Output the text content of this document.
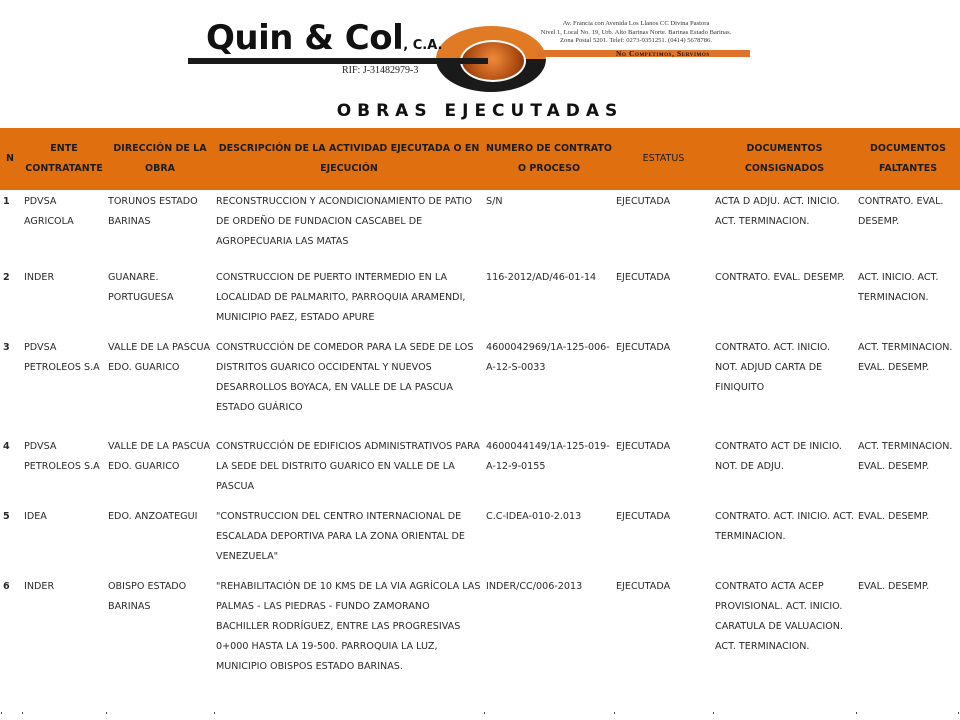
Quin & Col, C.A.
RIF: J-31482979-3
Av. Francia con Avenida Los Llanos CC Divina Pastora
Nivel 1, Local No. 19, Urb. Alto Barinas Norte. Barinas Estado Barinas.
Zona Postal 5201. Telef: 0273-9351251. (0414) 5678786.
No Competimos, Servimos
OBRAS EJECUTADAS
N	ENTE CONTRATANTE	DIRECCIÓN DE LA OBRA	DESCRIPCIÓN DE LA ACTIVIDAD EJECUTADA O EN EJECUCIÓN	NUMERO DE CONTRATO O PROCESO	ESTATUS	DOCUMENTOS CONSIGNADOS	DOCUMENTOS FALTANTES
1	PDVSA AGRICOLA	TORUNOS ESTADO BARINAS	RECONSTRUCCION Y ACONDICIONAMIENTO DE PATIO DE ORDEÑO DE FUNDACION CASCABEL DE AGROPECUARIA LAS MATAS	S/N	EJECUTADA	ACTA D ADJU. ACT. INICIO. ACT. TERMINACION.	CONTRATO. EVAL. DESEMP.
2	INDER	GUANARE. PORTUGUESA	CONSTRUCCION DE PUERTO INTERMEDIO EN LA LOCALIDAD DE PALMARITO, PARROQUIA ARAMENDI, MUNICIPIO PAEZ, ESTADO APURE	116-2012/AD/46-01-14	EJECUTADA	CONTRATO. EVAL. DESEMP.	ACT. INICIO. ACT. TERMINACION.
3	PDVSA PETROLEOS S.A	VALLE DE LA PASCUA EDO. GUARICO	CONSTRUCCIÓN DE COMEDOR PARA LA SEDE DE LOS DISTRITOS GUARICO OCCIDENTAL Y NUEVOS DESARROLLOS BOYACA, EN VALLE DE LA PASCUA ESTADO GUÁRICO	4600042969/1A-125-006-A-12-S-0033	EJECUTADA	CONTRATO. ACT. INICIO. NOT. ADJUD CARTA DE FINIQUITO	ACT. TERMINACION. EVAL. DESEMP.
4	PDVSA PETROLEOS S.A	VALLE DE LA PASCUA EDO. GUARICO	CONSTRUCCIÓN DE EDIFICIOS ADMINISTRATIVOS PARA LA SEDE DEL DISTRITO GUARICO EN VALLE DE LA PASCUA	4600044149/1A-125-019-A-12-9-0155	EJECUTADA	CONTRATO ACT DE INICIO. NOT. DE ADJU.	ACT. TERMINACION. EVAL. DESEMP.
5	IDEA	EDO. ANZOATEGUI	"CONSTRUCCION DEL CENTRO INTERNACIONAL DE ESCALADA DEPORTIVA PARA LA ZONA ORIENTAL DE VENEZUELA"	C.C-IDEA-010-2.013	EJECUTADA	CONTRATO. ACT. INICIO. ACT. TERMINACION.	EVAL. DESEMP.
6	INDER	OBISPO ESTADO BARINAS	"REHABILITACIÓN DE 10 KMS DE LA VIA AGRÍCOLA LAS PALMAS - LAS PIEDRAS - FUNDO ZAMORANO BACHILLER RODRÍGUEZ, ENTRE LAS PROGRESIVAS 0+000 HASTA LA 19-500. PARROQUIA LA LUZ, MUNICIPIO OBISPOS ESTADO BARINAS.	INDER/CC/006-2013	EJECUTADA	CONTRATO ACTA ACEP PROVISIONAL. ACT. INICIO. CARATULA DE VALUACION. ACT. TERMINACION.	EVAL. DESEMP.
